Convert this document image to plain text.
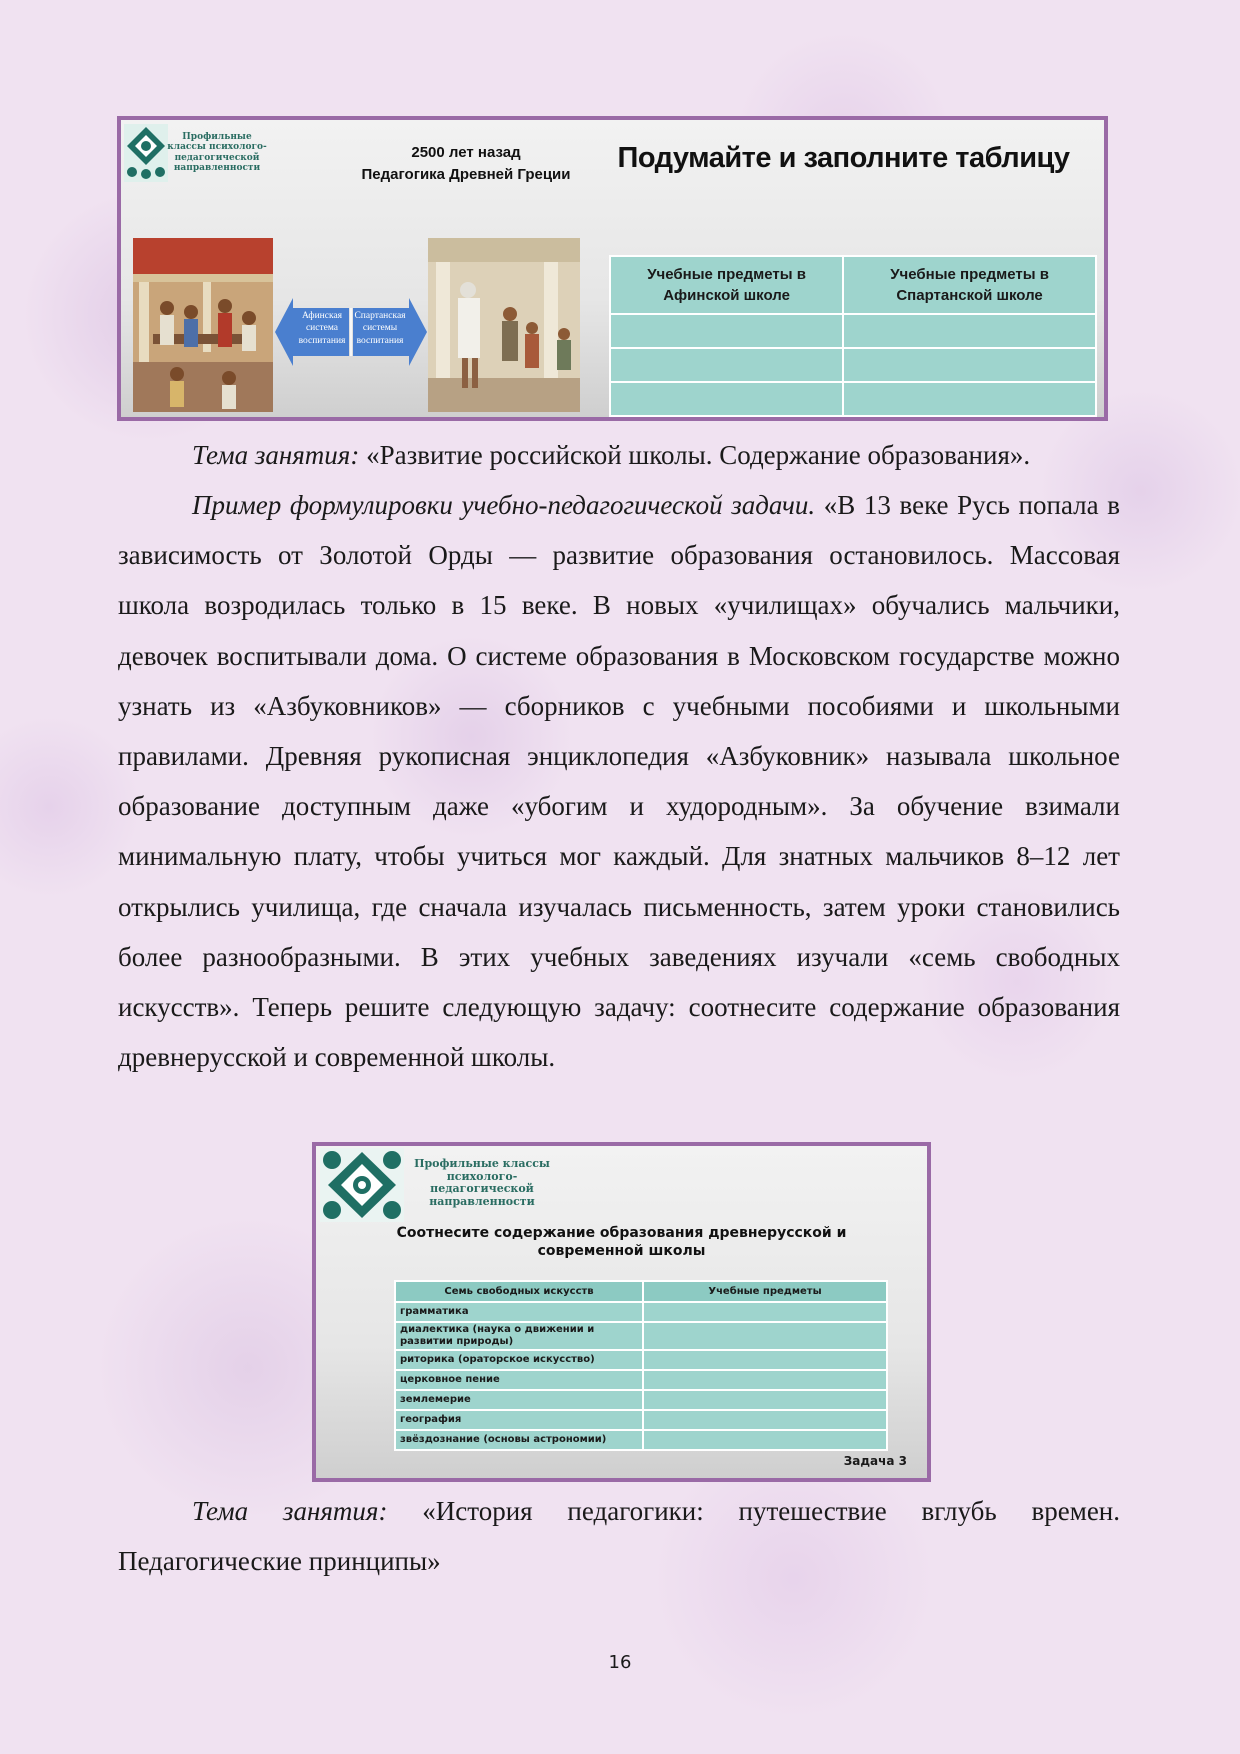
Профильные классы психолого-педагогической направленности
2500 лет назад
Педагогика Древней Греции
Подумайте и заполните таблицу
Афинская система воспитания
Спартанская системы воспитания
Учебные предметы в Афинской школе	Учебные предметы в Спартанской школе

Тема занятия: «Развитие российской школы. Содержание образования».

Пример формулировки учебно-педагогической задачи. «В 13 веке Русь попала в зависимость от Золотой Орды — развитие образования остановилось. Массовая школа возродилась только в 15 веке. В новых «училищах» обучались мальчики, девочек воспитывали дома. О системе образования в Московском государстве можно узнать из «Азбуковников» — сборников с учебными пособиями и школьными правилами. Древняя рукописная энциклопедия «Азбуковник» называла школьное образование доступным даже «убогим и худородным». За обучение взимали минимальную плату, чтобы учиться мог каждый. Для знатных мальчиков 8–12 лет открылись училища, где сначала изучалась письменность, затем уроки становились более разнообразными. В этих учебных заведениях изучали «семь свободных искусств». Теперь решите следующую задачу: соотнесите содержание образования древнерусской и современной школы.

Профильные классы психолого-педагогической направленности
Соотнесите содержание образования древнерусской и
современной школы
Семь свободных искусств	Учебные предметы
грамматика	
диалектика (наука о движении и развитии природы)	
риторика (ораторское искусство)	
церковное пение	
землемерие	
география	
звёздознание (основы астрономии)	
Задача 3

Тема занятия: «История педагогики: путешествие вглубь времен. Педагогические принципы»

16
